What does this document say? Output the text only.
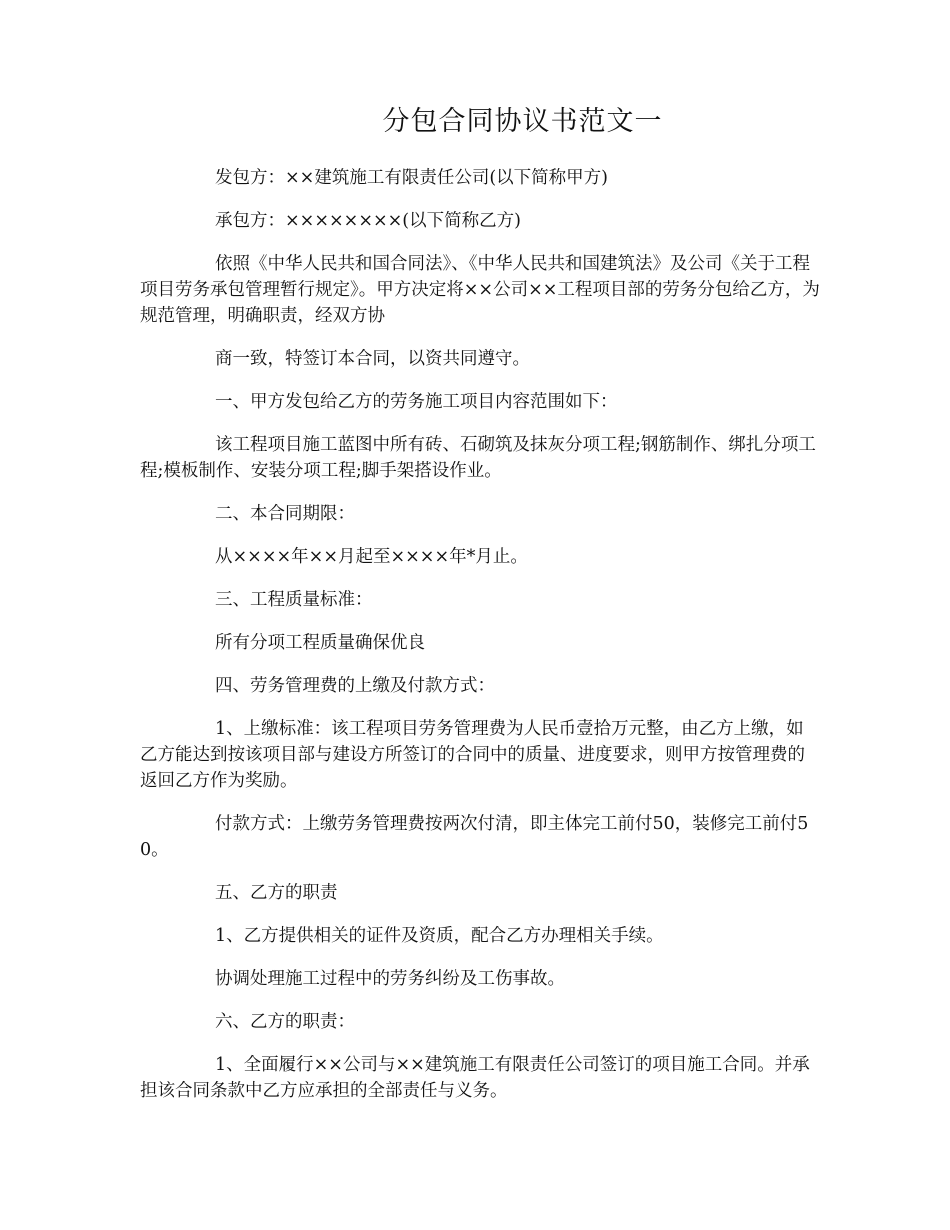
分包合同协议书范文一

发包方：××建筑施工有限责任公司(以下简称甲方)

承包方：××××××××(以下简称乙方)

依照《中华人民共和国合同法》、《中华人民共和国建筑法》及公司《关于工程项目劳务承包管理暂行规定》。甲方决定将××公司××工程项目部的劳务分包给乙方，为规范管理，明确职责，经双方协

商一致，特签订本合同，以资共同遵守。

一、甲方发包给乙方的劳务施工项目内容范围如下：

该工程项目施工蓝图中所有砖、石砌筑及抹灰分项工程;钢筋制作、绑扎分项工程;模板制作、安装分项工程;脚手架搭设作业。

二、本合同期限：

从××××年××月起至××××年*月止。

三、工程质量标准：

所有分项工程质量确保优良

四、劳务管理费的上缴及付款方式：

1、上缴标准：该工程项目劳务管理费为人民币壹拾万元整，由乙方上缴，如乙方能达到按该项目部与建设方所签订的合同中的质量、进度要求，则甲方按管理费的返回乙方作为奖励。

付款方式：上缴劳务管理费按两次付清，即主体完工前付50，装修完工前付50。

五、乙方的职责

1、乙方提供相关的证件及资质，配合乙方办理相关手续。

协调处理施工过程中的劳务纠纷及工伤事故。

六、乙方的职责：

1、全面履行××公司与××建筑施工有限责任公司签订的项目施工合同。并承担该合同条款中乙方应承担的全部责任与义务。
